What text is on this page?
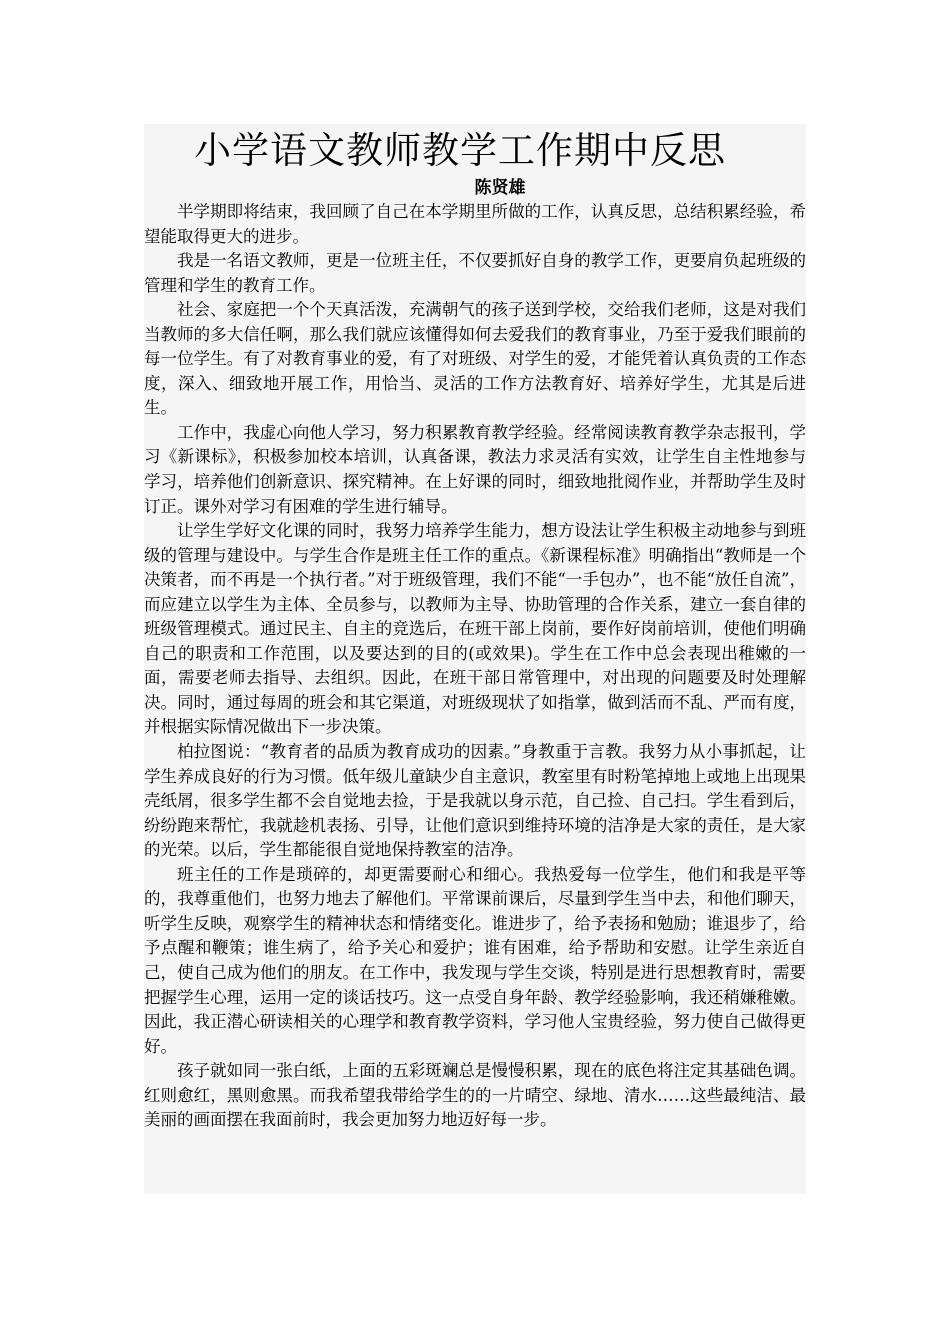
小学语文教师教学工作期中反思
陈贤雄

半学期即将结束，我回顾了自己在本学期里所做的工作，认真反思，总结积累经验，希望能取得更大的进步。

我是一名语文教师，更是一位班主任，不仅要抓好自身的教学工作，更要肩负起班级的管理和学生的教育工作。

社会、家庭把一个个天真活泼，充满朝气的孩子送到学校，交给我们老师，这是对我们当教师的多大信任啊，那么我们就应该懂得如何去爱我们的教育事业，乃至于爱我们眼前的每一位学生。有了对教育事业的爱，有了对班级、对学生的爱，才能凭着认真负责的工作态度，深入、细致地开展工作，用恰当、灵活的工作方法教育好、培养好学生，尤其是后进生。

工作中，我虚心向他人学习，努力积累教育教学经验。经常阅读教育教学杂志报刊，学习《新课标》，积极参加校本培训，认真备课，教法力求灵活有实效，让学生自主性地参与学习，培养他们创新意识、探究精神。在上好课的同时，细致地批阅作业，并帮助学生及时订正。课外对学习有困难的学生进行辅导。

让学生学好文化课的同时，我努力培养学生能力，想方设法让学生积极主动地参与到班级的管理与建设中。与学生合作是班主任工作的重点。《新课程标准》明确指出“教师是一个决策者，而不再是一个执行者。”对于班级管理，我们不能“一手包办”，也不能“放任自流”，而应建立以学生为主体、全员参与，以教师为主导、协助管理的合作关系，建立一套自律的班级管理模式。通过民主、自主的竞选后，在班干部上岗前，要作好岗前培训，使他们明确自己的职责和工作范围，以及要达到的目的(或效果)。学生在工作中总会表现出稚嫩的一面，需要老师去指导、去组织。因此，在班干部日常管理中，对出现的问题要及时处理解决。同时，通过每周的班会和其它渠道，对班级现状了如指掌，做到活而不乱、严而有度，并根据实际情况做出下一步决策。

柏拉图说：“教育者的品质为教育成功的因素。”身教重于言教。我努力从小事抓起，让学生养成良好的行为习惯。低年级儿童缺少自主意识，教室里有时粉笔掉地上或地上出现果壳纸屑，很多学生都不会自觉地去捡，于是我就以身示范，自己捡、自己扫。学生看到后，纷纷跑来帮忙，我就趁机表扬、引导，让他们意识到维持环境的洁净是大家的责任，是大家的光荣。以后，学生都能很自觉地保持教室的洁净。

班主任的工作是琐碎的，却更需要耐心和细心。我热爱每一位学生，他们和我是平等的，我尊重他们，也努力地去了解他们。平常课前课后，尽量到学生当中去，和他们聊天，听学生反映，观察学生的精神状态和情绪变化。谁进步了，给予表扬和勉励；谁退步了，给予点醒和鞭策；谁生病了，给予关心和爱护；谁有困难，给予帮助和安慰。让学生亲近自己，使自己成为他们的朋友。在工作中，我发现与学生交谈，特别是进行思想教育时，需要把握学生心理，运用一定的谈话技巧。这一点受自身年龄、教学经验影响，我还稍嫌稚嫩。因此，我正潜心研读相关的心理学和教育教学资料，学习他人宝贵经验，努力使自己做得更好。

孩子就如同一张白纸，上面的五彩斑斓总是慢慢积累，现在的底色将注定其基础色调。红则愈红，黑则愈黑。而我希望我带给学生的的一片晴空、绿地、清水……这些最纯洁、最美丽的画面摆在我面前时，我会更加努力地迈好每一步。
